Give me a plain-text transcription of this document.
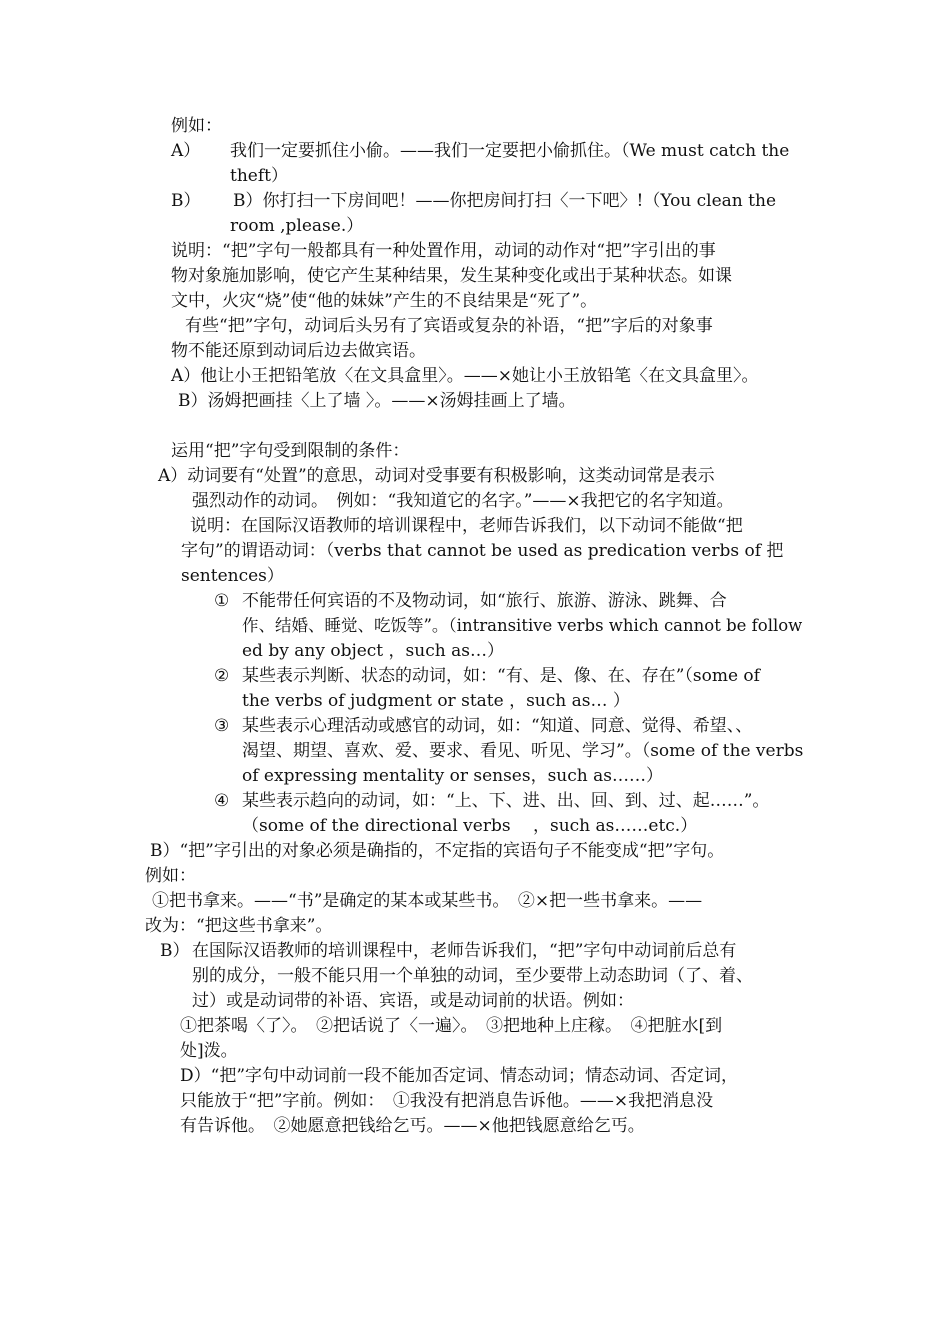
例如：
A） 我们一定要抓住小偷。——我们一定要把小偷抓住。（We must catch the
theft）
B） B）你打扫一下房间吧！——你把房间打扫〈一下吧〉!（You clean the
room ,please.）
说明：“把”字句一般都具有一种处置作用，动词的动作对“把”字引出的事
物对象施加影响，使它产生某种结果，发生某种变化或出于某种状态。如课
文中，火灾“烧”使“他的妹妹”产生的不良结果是“死了”。
有些“把”字句，动词后头另有了宾语或复杂的补语，“把”字后的对象事
物不能还原到动词后边去做宾语。
A）他让小王把铅笔放〈在文具盒里〉。——×她让小王放铅笔〈在文具盒里〉。
B）汤姆把画挂〈上了墙 〉。——×汤姆挂画上了墙。
运用“把”字句受到限制的条件：
A）动词要有“处置”的意思，动词对受事要有积极影响，这类动词常是表示
强烈动作的动词。　例如：“我知道它的名字。”——×我把它的名字知道。
说明：在国际汉语教师的培训课程中，老师告诉我们，以下动词不能做“把
字句”的谓语动词：（verbs that cannot be used as predication verbs of 把
sentences）
① 不能带任何宾语的不及物动词，如“旅行、旅游、游泳、跳舞、合
作、结婚、睡觉、吃饭等”。（intransitive verbs which cannot be follow
ed by any object ，such as…）
② 某些表示判断、状态的动词，如：“有、是、像、在、存在”（some of
the verbs of judgment or state ，such as… ）
③ 某些表示心理活动或感官的动词，如：“知道、同意、觉得、希望、、
渴望、期望、喜欢、爱、要求、看见、听见、学习”。（some of the verbs
of expressing mentality or senses，such as……）
④ 某些表示趋向的动词，如：“上、下、进、出、回、到、过、起……”。
（some of the directional verbs　 ，such as……etc.）
B）“把”字引出的对象必须是确指的，不定指的宾语句子不能变成“把”字句。
例如：
①把书拿来。——“书”是确定的某本或某些书。　②×把一些书拿来。——
改为：“把这些书拿来”。
B） 在国际汉语教师的培训课程中，老师告诉我们，“把”字句中动词前后总有
别的成分，一般不能只用一个单独的动词，至少要带上动态助词（了、着、
过）或是动词带的补语、宾语，或是动词前的状语。例如：
①把茶喝〈了〉。　②把话说了〈一遍〉。　③把地种上庄稼。　④把脏水[到
处]泼。
D）“把”字句中动词前一段不能加否定词、情态动词；情态动词、否定词，
只能放于“把”字前。例如：　①我没有把消息告诉他。——×我把消息没
有告诉他。　②她愿意把钱给乞丐。——×他把钱愿意给乞丐。
